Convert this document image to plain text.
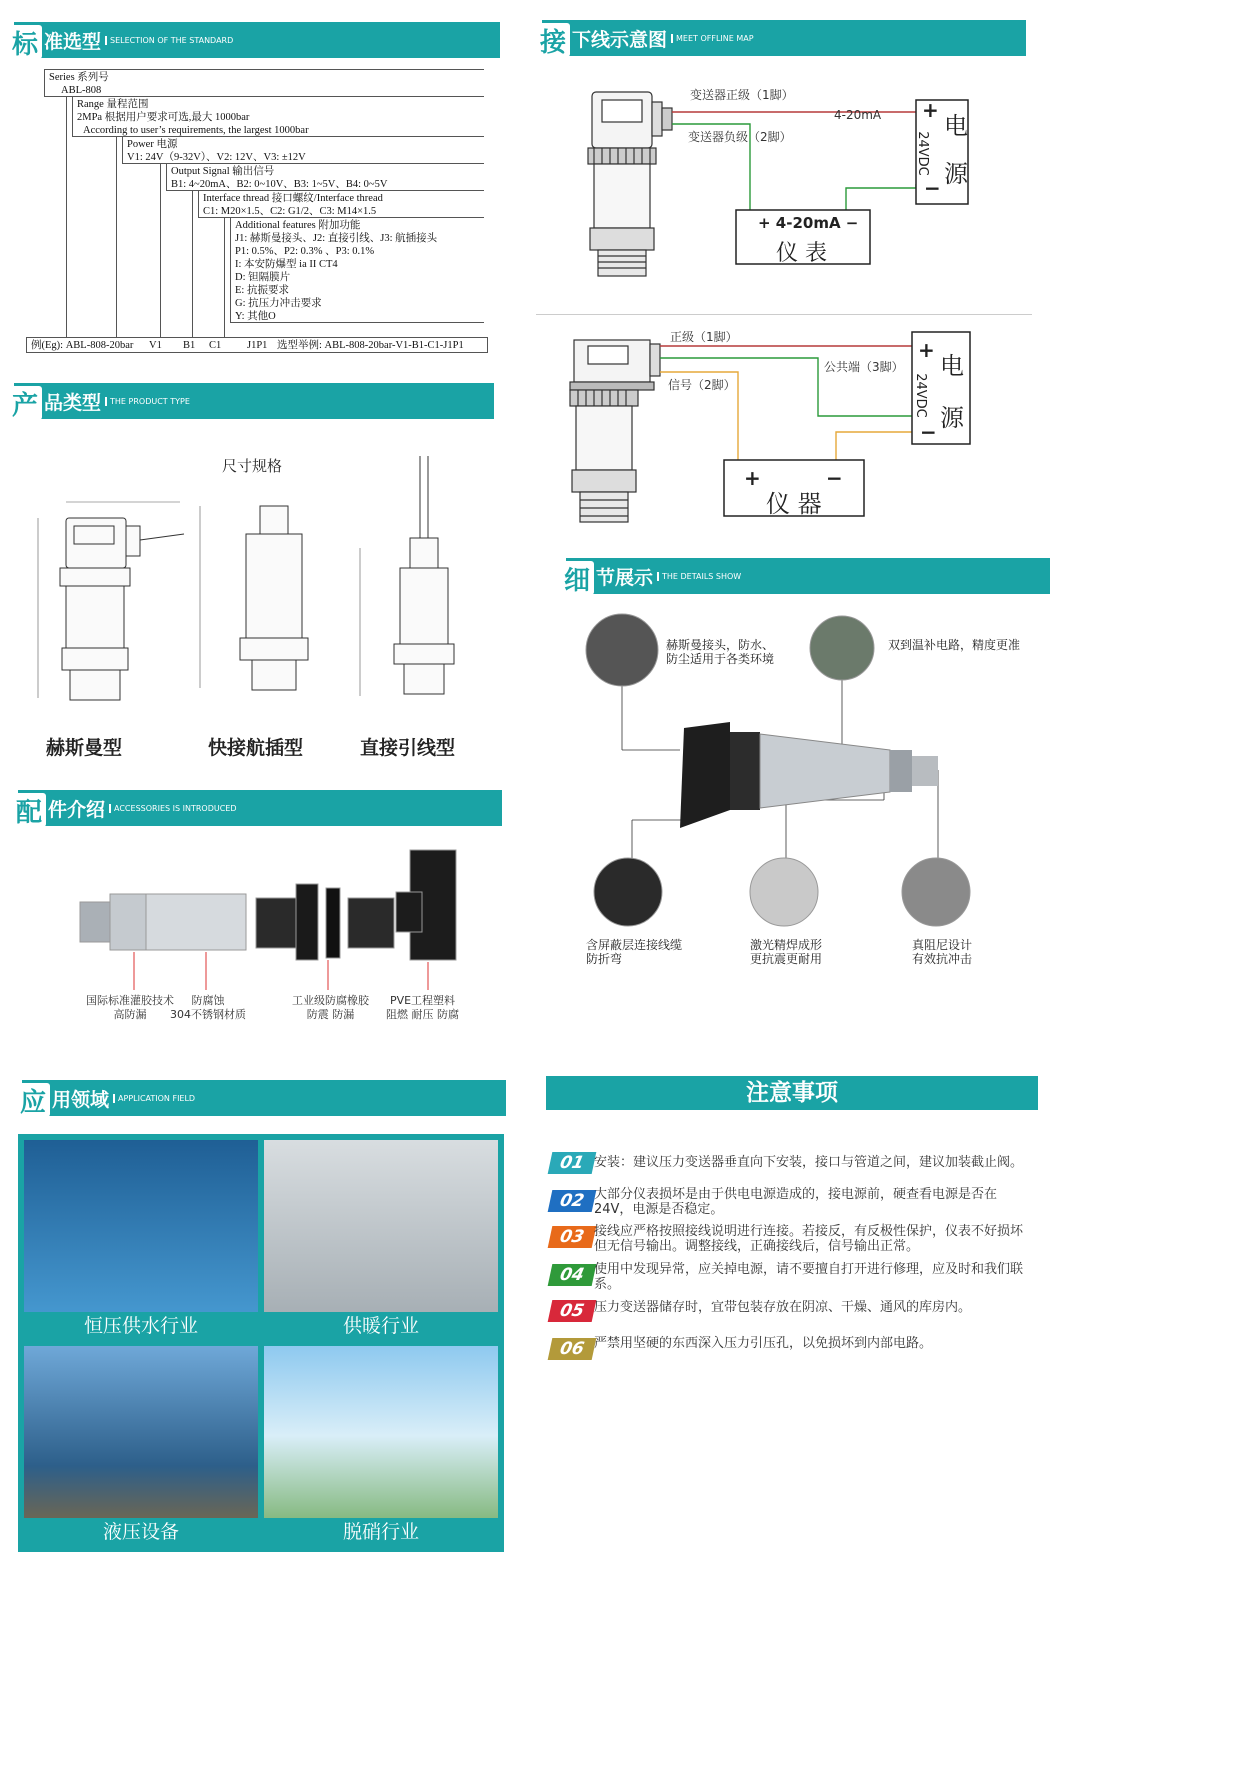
标 准选型	SELECTION OF THE STANDARD	接 下线示意图	MEET OFFLINE MAP
产 品类型	THE PRODUCT TYPE
细 节展示	THE DETAILS SHOW
配 件介绍	ACCESSORIES IS INTRODUCED
应 用领域	APPLICATION FIELD
Series 系列号
ABL-808
Range 量程范围
2MPa 根据用户要求可选,最大 1000bar
According to user’s requirements, the largest 1000bar
Power 电源
V1: 24V（9-32V）、V2: 12V、V3: ±12V
Output Signal 输出信号
B1: 4~20mA、B2: 0~10V、B3: 1~5V、B4: 0~5V
Interface thread 接口螺纹/Interface thread
C1: M20×1.5、C2: G1/2、C3: M14×1.5
Additional features 附加功能
J1: 赫斯曼接头、J2: 直接引线、J3: 航插接头
P1: 0.5%、P2: 0.3% 、P3: 0.1%
I: 本安防爆型 ia II CT4
D: 钽隔膜片
E: 抗振要求
G: 抗压力冲击要求
Y: 其他O
例(Eg): ABL-808-20bar V1 B1 C1 J1P1 选型举例: ABL-808-20bar-V1-B1-C1-J1P1
变送器正级（1脚）
变送器负级（2脚）
4-20mA +
24VDC
−
电
源
+ 4-20mA −
仪 表
正级（1脚）
公共端（3脚）
信号（2脚）
+
24VDC
−
电
源
+	−
仪 器
尺寸规格
赫斯曼型	快接航插型	直接引线型
赫斯曼接头，防水、
防尘适用于各类环境
双到温补电路，精度更准
含屏蔽层连接线缆
防折弯
激光精焊成形
更抗震更耐用
真阻尼设计
有效抗冲击
国际标准灌胶技术
高防漏
防腐蚀
304不锈钢材质
工业级防腐橡胶
防震 防漏
PVE工程塑料
阻燃 耐压 防腐
恒压供水行业	供暖行业
液压设备	脱硝行业
注意事项
01 安装：建议压力变送器垂直向下安装，接口与管道之间，建议加装截止阀。
02 大部分仪表损坏是由于供电电源造成的，接电源前，硬查看电源是否在24V，电源是否稳定。
03 接线应严格按照接线说明进行连接。若接反，有反极性保护，仪表不好损坏但无信号输出。调整接线，正确接线后，信号输出正常。
04 使用中发现异常，应关掉电源，请不要擅自打开进行修理，应及时和我们联系。
05 压力变送器储存时，宜带包装存放在阴凉、干燥、通风的库房内。
06 严禁用坚硬的东西深入压力引压孔，以免损坏到内部电路。
